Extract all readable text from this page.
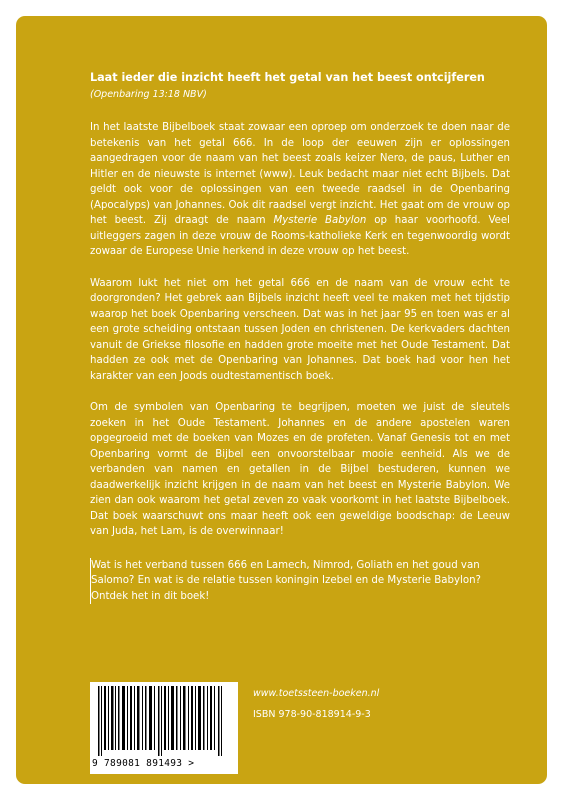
Laat ieder die inzicht heeft het getal van het beest ontcijferen

(Openbaring 13:18 NBV)

In het laatste Bijbelboek staat zowaar een oproep om onderzoek te doen naar de betekenis van het getal 666. In de loop der eeuwen zijn er oplossingen aangedragen voor de naam van het beest zoals keizer Nero, de paus, Luther en Hitler en de nieuwste is internet (www). Leuk bedacht maar niet echt Bijbels. Dat geldt ook voor de oplossingen van een tweede raadsel in de Openbaring (Apocalyps) van Johannes. Ook dit raadsel vergt inzicht. Het gaat om de vrouw op het beest. Zij draagt de naam Mysterie Babylon op haar voorhoofd. Veel uitleggers zagen in deze vrouw de Rooms-katholieke Kerk en tegenwoordig wordt zowaar de Europese Unie herkend in deze vrouw op het beest.

Waarom lukt het niet om het getal 666 en de naam van de vrouw echt te doorgronden? Het gebrek aan Bijbels inzicht heeft veel te maken met het tijdstip waarop het boek Openbaring verscheen. Dat was in het jaar 95 en toen was er al een grote scheiding ontstaan tussen Joden en christenen. De kerkvaders dachten vanuit de Griekse filosofie en hadden grote moeite met het Oude Testament. Dat hadden ze ook met de Openbaring van Johannes. Dat boek had voor hen het karakter van een Joods oudtestamentisch boek.

Om de symbolen van Openbaring te begrijpen, moeten we juist de sleutels zoeken in het Oude Testament. Johannes en de andere apostelen waren opgegroeid met de boeken van Mozes en de profeten. Vanaf Genesis tot en met Openbaring vormt de Bijbel een onvoorstelbaar mooie eenheid. Als we de verbanden van namen en getallen in de Bijbel bestuderen, kunnen we daadwerkelijk inzicht krijgen in de naam van het beest en Mysterie Babylon. We zien dan ook waarom het getal zeven zo vaak voorkomt in het laatste Bijbelboek. Dat boek waarschuwt ons maar heeft ook een geweldige boodschap: de Leeuw van Juda, het Lam, is de overwinnaar!

Wat is het verband tussen 666 en Lamech, Nimrod, Goliath en het goud van Salomo? En wat is de relatie tussen koningin Izebel en de Mysterie Babylon? Ontdek het in dit boek!

9 789081 891493 >
www.toetssteen-boeken.nl
ISBN 978-90-818914-9-3
